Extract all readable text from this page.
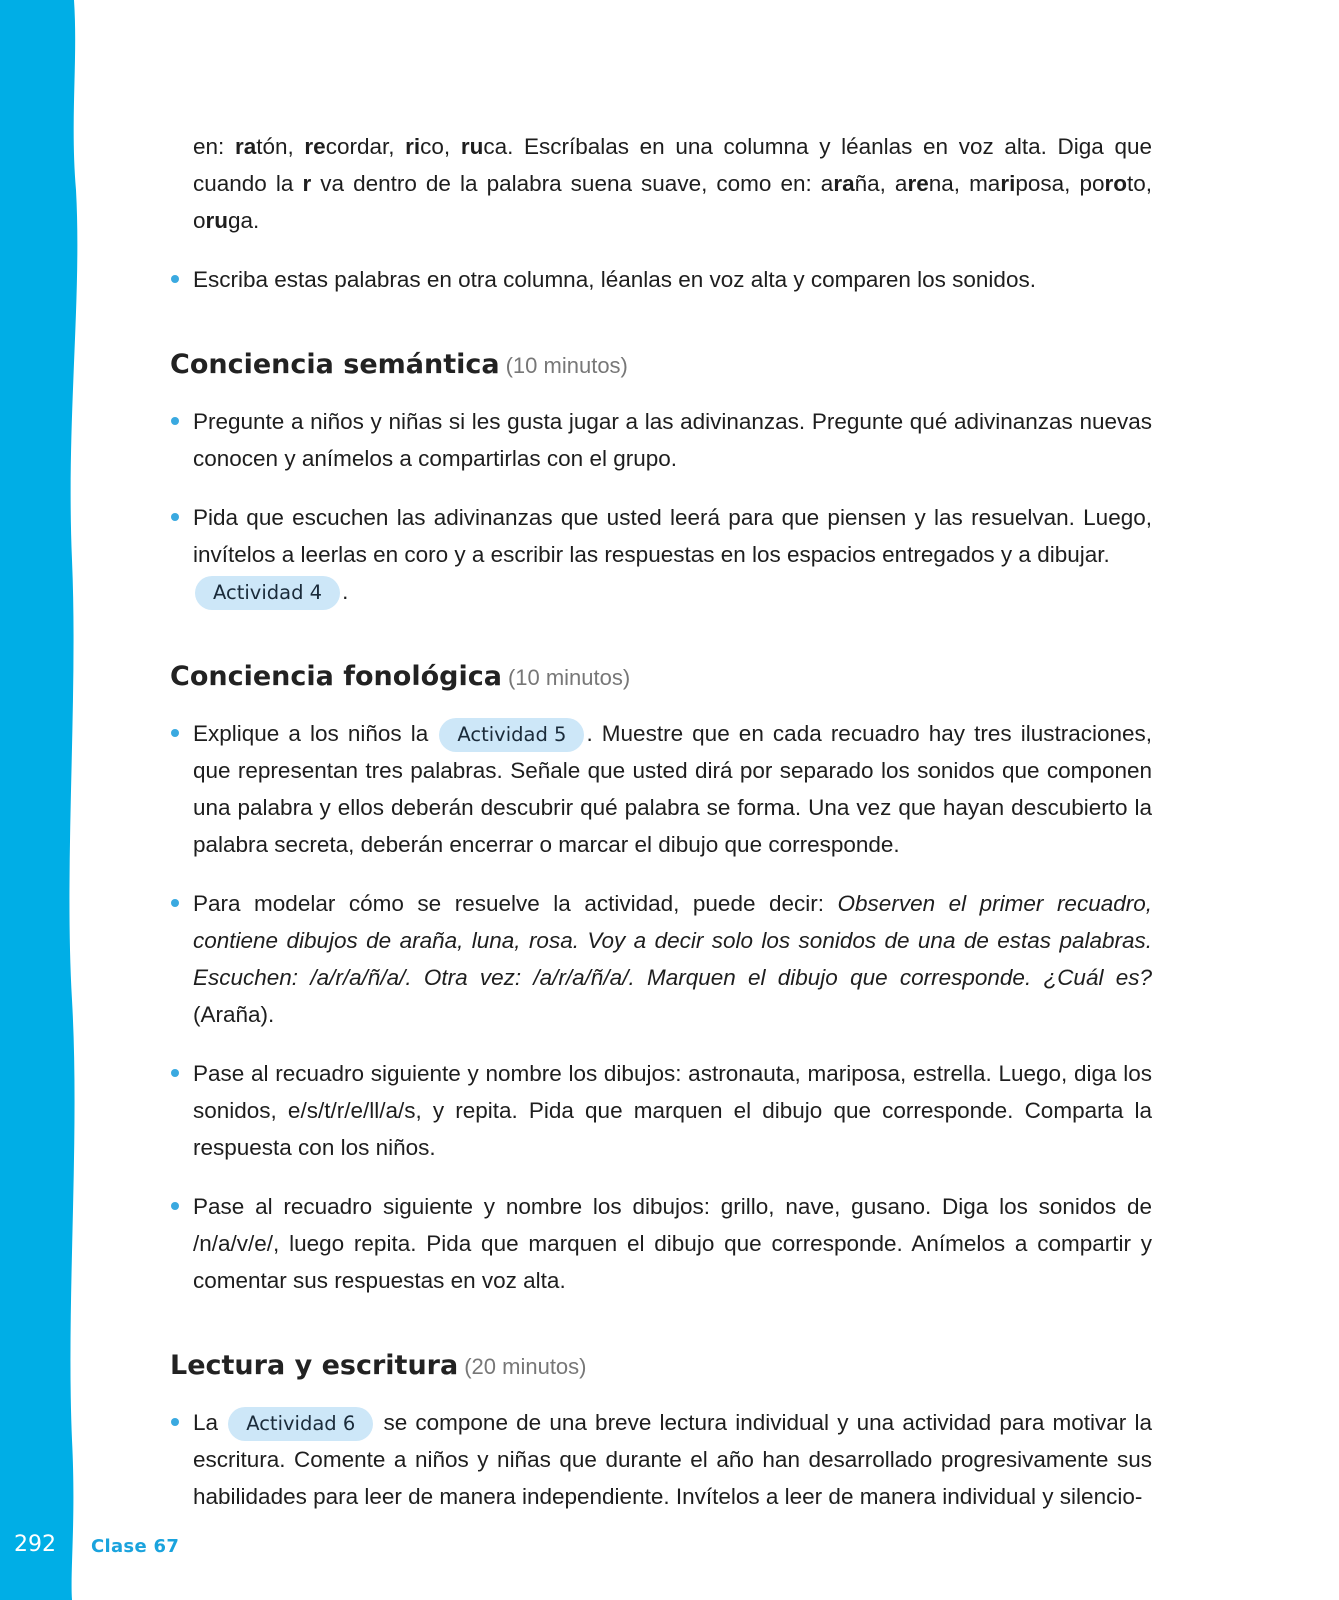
292 Clase 67

en: ratón, recordar, rico, ruca. Escríbalas en una columna y léanlas en voz alta. Diga que cuando la r va dentro de la palabra suena suave, como en: araña, arena, mariposa, poroto, oruga.

Escriba estas palabras en otra columna, léanlas en voz alta y comparen los sonidos.

Conciencia semántica (10 minutos)

Pregunte a niños y niñas si les gusta jugar a las adivinanzas. Pregunte qué adivinanzas nuevas conocen y anímelos a compartirlas con el grupo.

Pida que escuchen las adivinanzas que usted leerá para que piensen y las resuelvan. Luego, invítelos a leerlas en coro y a escribir las respuestas en los espacios entregados y a dibujar.
Actividad 4 .

Conciencia fonológica (10 minutos)

Explique a los niños la Actividad 5 . Muestre que en cada recuadro hay tres ilustraciones, que representan tres palabras. Señale que usted dirá por separado los sonidos que componen una palabra y ellos deberán descubrir qué palabra se forma. Una vez que hayan descubierto la palabra secreta, deberán encerrar o marcar el dibujo que corresponde.

Para modelar cómo se resuelve la actividad, puede decir: Observen el primer recuadro, contiene dibujos de araña, luna, rosa. Voy a decir solo los sonidos de una de estas palabras. Escuchen: /a/r/a/ñ/a/. Otra vez: /a/r/a/ñ/a/. Marquen el dibujo que corresponde. ¿Cuál es? (Araña).

Pase al recuadro siguiente y nombre los dibujos: astronauta, mariposa, estrella. Luego, diga los sonidos, e/s/t/r/e/ll/a/s, y repita. Pida que marquen el dibujo que corresponde. Comparta la respuesta con los niños.

Pase al recuadro siguiente y nombre los dibujos: grillo, nave, gusano. Diga los sonidos de /n/a/v/e/, luego repita. Pida que marquen el dibujo que corresponde. Anímelos a compartir y comentar sus respuestas en voz alta.

Lectura y escritura (20 minutos)

La Actividad 6 se compone de una breve lectura individual y una actividad para motivar la escritura. Comente a niños y niñas que durante el año han desarrollado progresivamente sus habilidades para leer de manera independiente. Invítelos a leer de manera individual y silencio-
